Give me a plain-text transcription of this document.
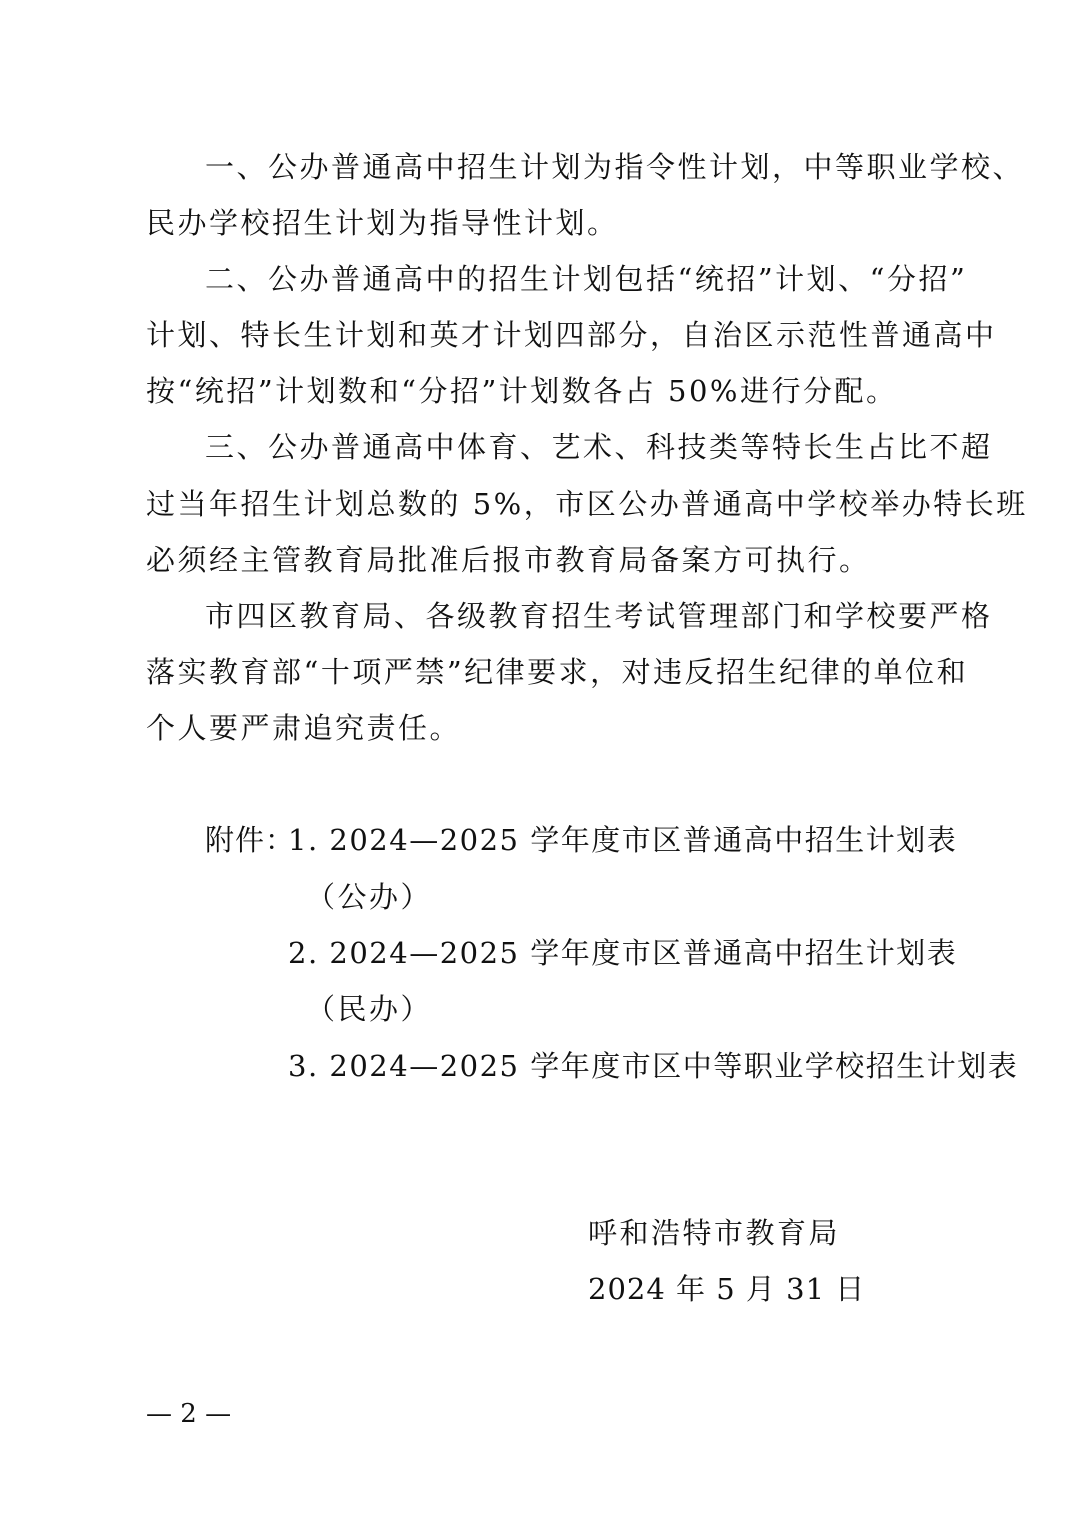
一、公办普通高中招生计划为指令性计划，中等职业学校、
民办学校招生计划为指导性计划。
二、公办普通高中的招生计划包括“统招”计划、“分招”
计划、特长生计划和英才计划四部分，自治区示范性普通高中
按“统招”计划数和“分招”计划数各占 50%进行分配。
三、公办普通高中体育、艺术、科技类等特长生占比不超
过当年招生计划总数的 5%，市区公办普通高中学校举办特长班
必须经主管教育局批准后报市教育局备案方可执行。
市四区教育局、各级教育招生考试管理部门和学校要严格
落实教育部“十项严禁”纪律要求，对违反招生纪律的单位和
个人要严肃追究责任。
附件：
1. 2024—2025 学年度市区普通高中招生计划表
（公办）
2. 2024—2025 学年度市区普通高中招生计划表
（民办）
3. 2024—2025 学年度市区中等职业学校招生计划表
呼和浩特市教育局
2024 年 5 月 31 日
— 2 —
